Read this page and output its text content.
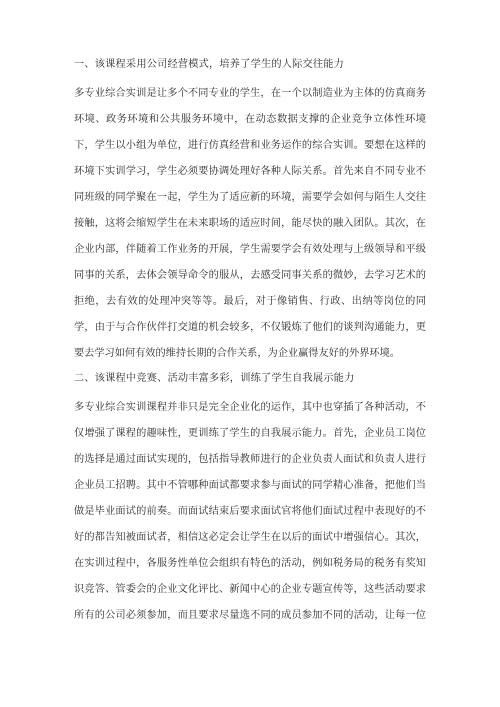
一、该课程采用公司经营模式，培养了学生的人际交往能力

多专业综合实训是让多个不同专业的学生，在一个以制造业为主体的仿真商务

环境、政务环境和公共服务环境中，在动态数据支撑的企业竞争立体性环境

下，学生以小组为单位，进行仿真经营和业务运作的综合实训。要想在这样的

环境下实训学习，学生必须要协调处理好各种人际关系。首先来自不同专业不

同班级的同学聚在一起，学生为了适应新的环境，需要学会如何与陌生人交往

接触，这将会缩短学生在未来职场的适应时间，能尽快的融入团队。其次，在

企业内部，伴随着工作业务的开展，学生需要学会有效处理与上级领导和平级

同事的关系，去体会领导命令的服从，去感受同事关系的微妙，去学习艺术的

拒绝，去有效的处理冲突等等。最后，对于像销售、行政、出纳等岗位的同

学，由于与合作伙伴打交道的机会较多，不仅锻炼了他们的谈判沟通能力，更

要去学习如何有效的维持长期的合作关系，为企业赢得友好的外界环境。

二、该课程中竞赛、活动丰富多彩，训练了学生自我展示能力

多专业综合实训课程并非只是完全企业化的运作，其中也穿插了各种活动，不

仅增强了课程的趣味性，更训练了学生的自我展示能力。首先，企业员工岗位

的选择是通过面试实现的，包括指导教师进行的企业负责人面试和负责人进行

企业员工招聘。其中不管哪种面试都要求参与面试的同学精心准备，把他们当

做是毕业面试的前奏。而面试结束后要求面试官将他们面试过程中表现好的不

好的都告知被面试者，相信这必定会让学生在以后的面试中增强信心。其次，

在实训过程中，各服务性单位会组织有特色的活动，例如税务局的税务有奖知

识竞答、管委会的企业文化评比、新闻中心的企业专题宣传等，这些活动要求

所有的公司必须参加，而且要求尽量选不同的成员参加不同的活动，让每一位
